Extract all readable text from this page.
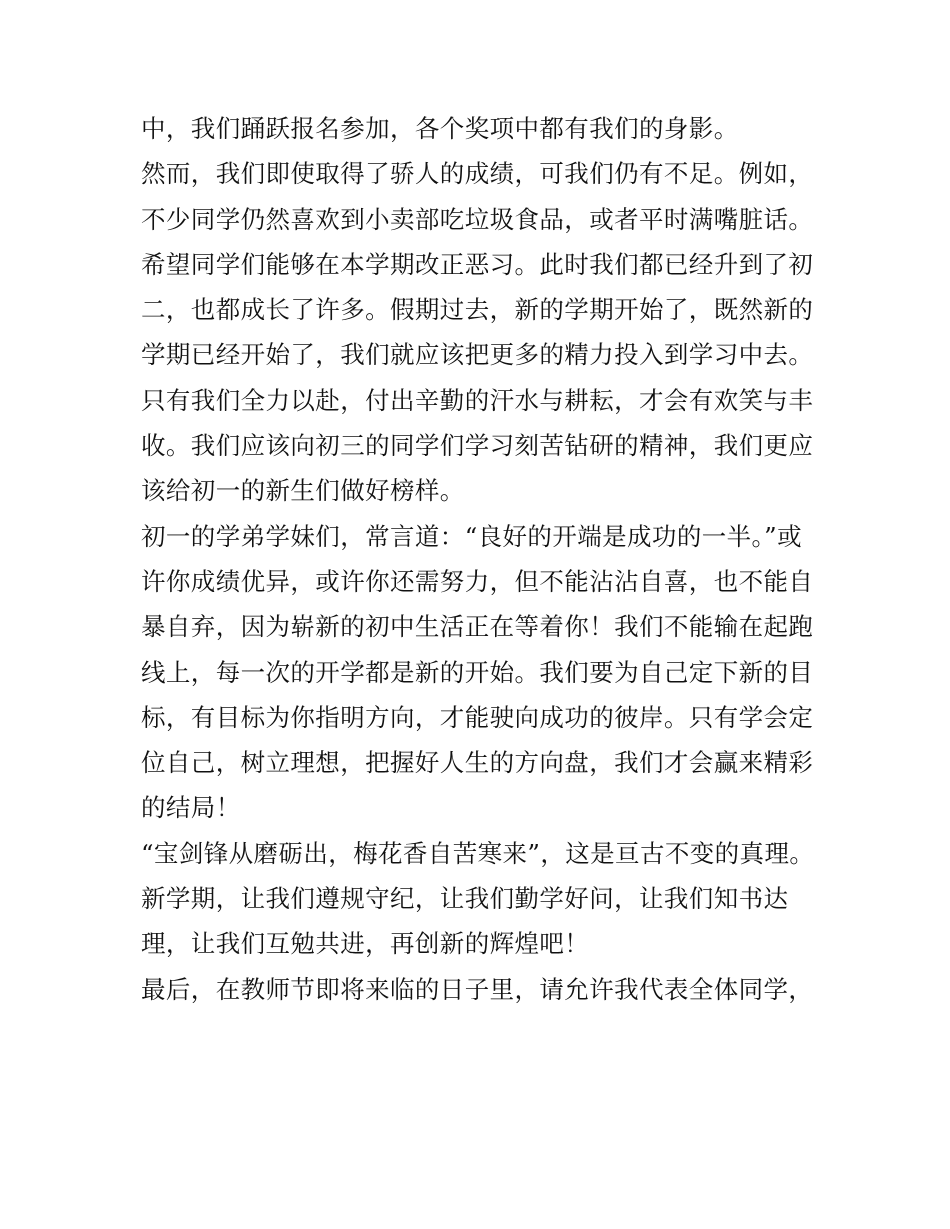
中，我们踊跃报名参加，各个奖项中都有我们的身影。
然而，我们即使取得了骄人的成绩，可我们仍有不足。例如，
不少同学仍然喜欢到小卖部吃垃圾食品，或者平时满嘴脏话。
希望同学们能够在本学期改正恶习。此时我们都已经升到了初
二，也都成长了许多。假期过去，新的学期开始了，既然新的
学期已经开始了，我们就应该把更多的精力投入到学习中去。
只有我们全力以赴，付出辛勤的汗水与耕耘，才会有欢笑与丰
收。我们应该向初三的同学们学习刻苦钻研的精神，我们更应
该给初一的新生们做好榜样。
初一的学弟学妹们，常言道：“良好的开端是成功的一半。”或
许你成绩优异，或许你还需努力，但不能沾沾自喜，也不能自
暴自弃，因为崭新的初中生活正在等着你！我们不能输在起跑
线上，每一次的开学都是新的开始。我们要为自己定下新的目
标，有目标为你指明方向，才能驶向成功的彼岸。只有学会定
位自己，树立理想，把握好人生的方向盘，我们才会赢来精彩
的结局！
“宝剑锋从磨砺出，梅花香自苦寒来”，这是亘古不变的真理。
新学期，让我们遵规守纪，让我们勤学好问，让我们知书达
理，让我们互勉共进，再创新的辉煌吧！
最后，在教师节即将来临的日子里，请允许我代表全体同学，
